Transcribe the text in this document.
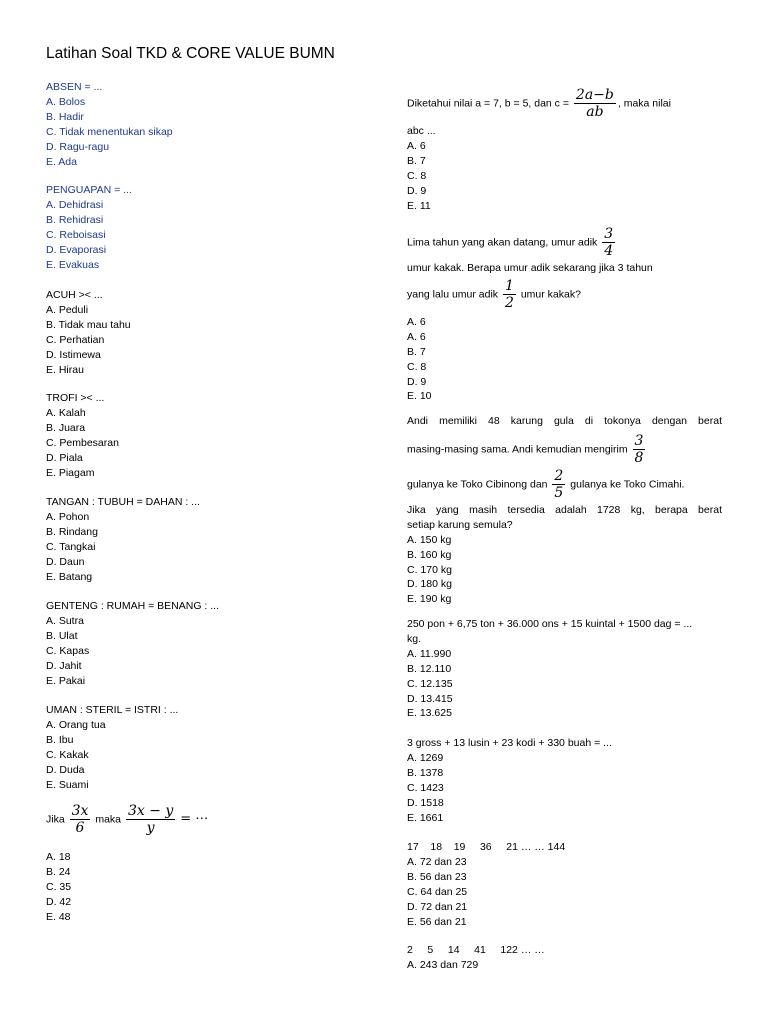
Latihan Soal TKD & CORE VALUE BUMN
ABSEN = ...
A. Bolos
B. Hadir
C. Tidak menentukan sikap
D. Ragu-ragu
E. Ada
PENGUAPAN = ...
A. Dehidrasi
B. Rehidrasi
C. Reboisasi
D. Evaporasi
E. Evakuas
ACUH >< ...
A. Peduli
B. Tidak mau tahu
C. Perhatian
D. Istimewa
E. Hirau
TROFI >< ...
A. Kalah
B. Juara
C. Pembesaran
D. Piala
E. Piagam
TANGAN : TUBUH = DAHAN : ...
A. Pohon
B. Rindang
C. Tangkai
D. Daun
E. Batang
GENTENG : RUMAH = BENANG : ...
A. Sutra
B. Ulat
C. Kapas
D. Jahit
E. Pakai
UMAN : STERIL = ISTRI : ...
A. Orang tua
B. Ibu
C. Kakak
D. Duda
E. Suami
Jika $\frac{3x}{6}$ maka $\frac{3x - y}{y}$ = ⋯
A. 18
B. 24
C. 35
D. 42
E. 48
Diketahui nilai a = 7, b = 5, dan $c = \frac{2a-b}{ab}$ , maka nilai
abc ...
A. 6
B. 7
C. 8
D. 9
E. 11
Lima tahun yang akan datang, umur adik $\frac{3}{4}$
umur kakak. Berapa umur adik sekarang jika 3 tahun
yang lalu umur adik $\frac{1}{2}$ umur kakak?
A. 6
A. 6
B. 7
C. 8
D. 9
E. 10
Andi memiliki 48 karung gula di tokonya dengan berat
masing-masing sama. Andi kemudian mengirim $\frac{3}{8}$
gulanya ke Toko Cibinong dan $\frac{2}{5}$ gulanya ke Toko Cimahi.
Jika yang masih tersedia adalah 1728 kg, berapa berat
setiap karung semula?
A. 150 kg
B. 160 kg
C. 170 kg
D. 180 kg
E. 190 kg
250 pon + 6,75 ton + 36.000 ons + 15 kuintal + 1500 dag = ...
kg.
A. 11.990
B. 12.110
C. 12.135
D. 13.415
E. 13.625
3 gross + 13 lusin + 23 kodi + 330 buah = ...
A. 1269
B. 1378
C. 1423
D. 1518
E. 1661
17    18    19     36     21 … … 144
A. 72 dan 23
B. 56 dan 23
C. 64 dan 25
D. 72 dan 21
E. 56 dan 21
2     5     14     41     122 … …
A. 243 dan 729
